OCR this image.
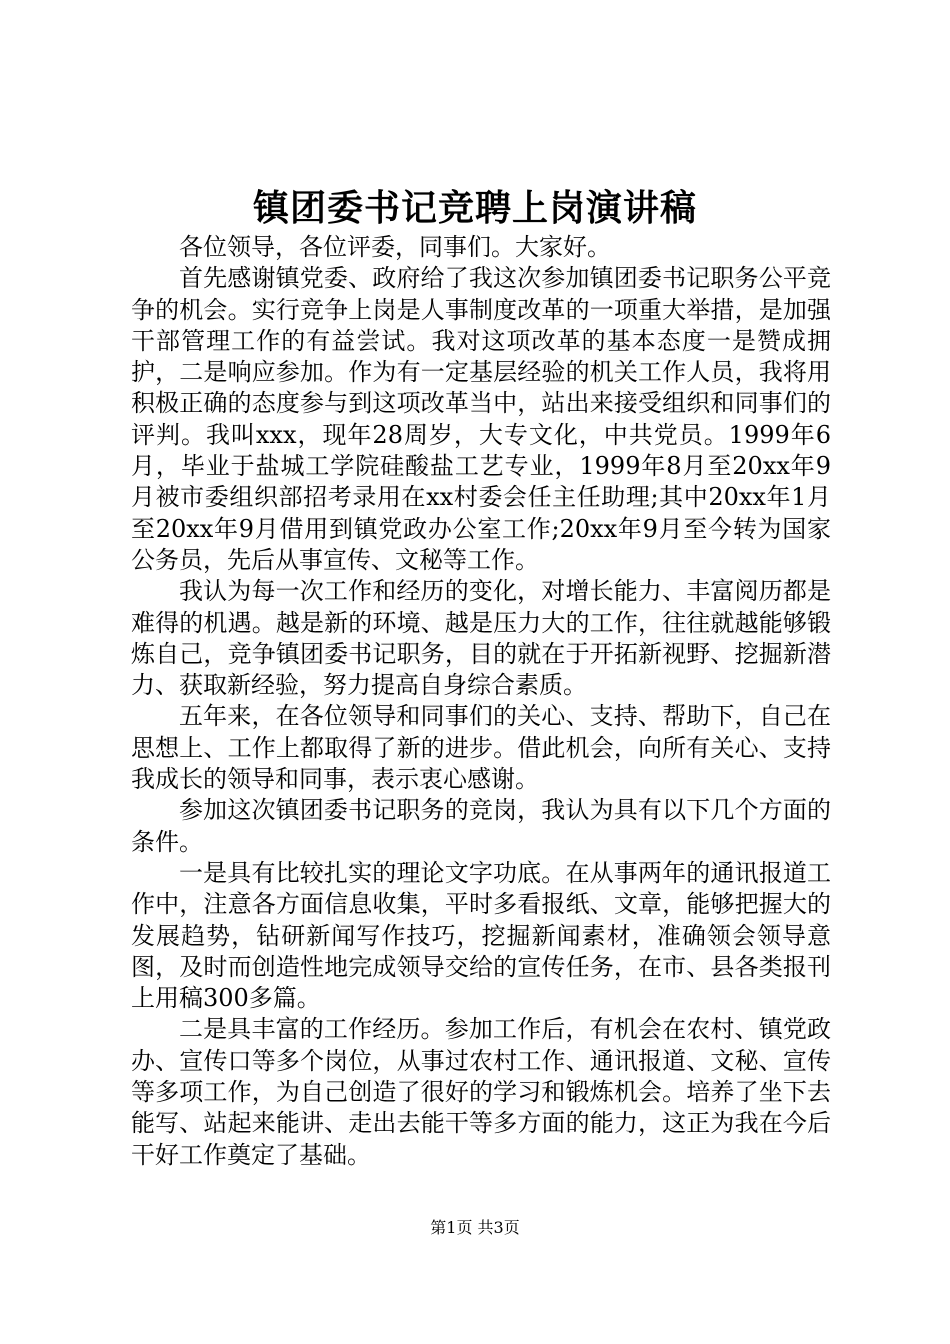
镇团委书记竞聘上岗演讲稿

各位领导，各位评委，同事们。大家好。

首先感谢镇党委、政府给了我这次参加镇团委书记职务公平竞争的机会。实行竞争上岗是人事制度改革的一项重大举措，是加强干部管理工作的有益尝试。我对这项改革的基本态度一是赞成拥护，二是响应参加。作为有一定基层经验的机关工作人员，我将用积极正确的态度参与到这项改革当中，站出来接受组织和同事们的评判。我叫xxx，现年28周岁，大专文化，中共党员。1999年6月，毕业于盐城工学院硅酸盐工艺专业，1999年8月至20xx年9月被市委组织部招考录用在xx村委会任主任助理;其中20xx年1月至20xx年9月借用到镇党政办公室工作;20xx年9月至今转为国家公务员，先后从事宣传、文秘等工作。

我认为每一次工作和经历的变化，对增长能力、丰富阅历都是难得的机遇。越是新的环境、越是压力大的工作，往往就越能够锻炼自己，竞争镇团委书记职务，目的就在于开拓新视野、挖掘新潜力、获取新经验，努力提高自身综合素质。

五年来，在各位领导和同事们的关心、支持、帮助下，自己在思想上、工作上都取得了新的进步。借此机会，向所有关心、支持我成长的领导和同事，表示衷心感谢。

参加这次镇团委书记职务的竞岗，我认为具有以下几个方面的条件。

一是具有比较扎实的理论文字功底。在从事两年的通讯报道工作中，注意各方面信息收集，平时多看报纸、文章，能够把握大的发展趋势，钻研新闻写作技巧，挖掘新闻素材，准确领会领导意图，及时而创造性地完成领导交给的宣传任务，在市、县各类报刊上用稿300多篇。

二是具丰富的工作经历。参加工作后，有机会在农村、镇党政办、宣传口等多个岗位，从事过农村工作、通讯报道、文秘、宣传等多项工作，为自己创造了很好的学习和锻炼机会。培养了坐下去能写、站起来能讲、走出去能干等多方面的能力，这正为我在今后干好工作奠定了基础。

第1页 共3页
